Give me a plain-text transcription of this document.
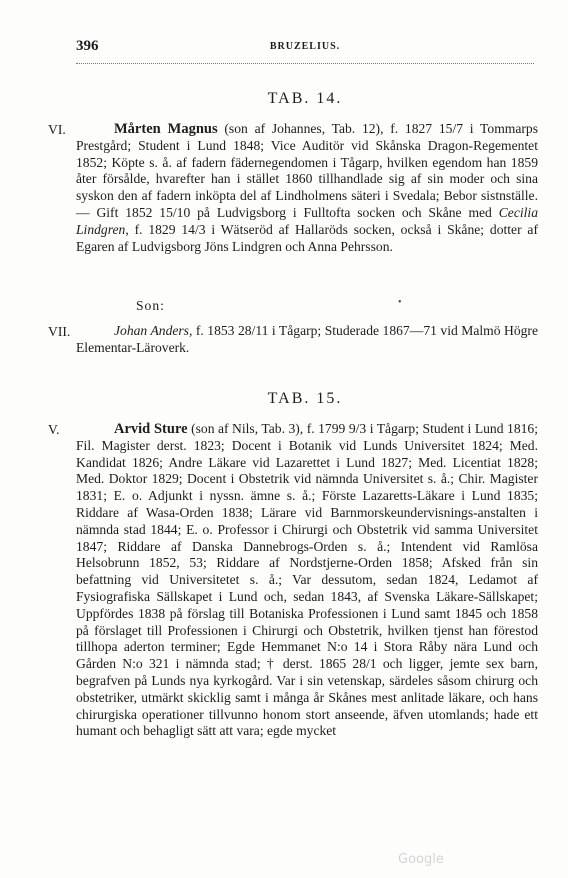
396	BRUZELIUS.
TAB. 14.
VI.	Mårten Magnus (son af Johannes, Tab. 12), f. 1827 15/7 i Tommarps Prestgård; Student i Lund 1848; Vice Auditör vid Skånska Dragon-Regementet 1852; Köpte s. å. af fadern fädernegendomen i Tågarp, hvilken egendom han 1859 åter försålde, hvarefter han i stället 1860 tillhandlade sig af sin moder och sina syskon den af fadern inköpta del af Lindholmens säteri i Svedala; Bebor sistnställe. — Gift 1852 15/10 på Ludvigsborg i Fulltofta socken och Skåne med Cecilia Lindgren, f. 1829 14/3 i Wätseröd af Hallaröds socken, också i Skåne; dotter af Egaren af Ludvigsborg Jöns Lindgren och Anna Pehrsson.
Son:	•
VII.	Johan Anders, f. 1853 28/11 i Tågarp; Studerade 1867—71 vid Malmö Högre Elementar-Läroverk.
TAB. 15.
V.	Arvid Sture (son af Nils, Tab. 3), f. 1799 9/3 i Tågarp; Student i Lund 1816; Fil. Magister derst. 1823; Docent i Botanik vid Lunds Universitet 1824; Med. Kandidat 1826; Andre Läkare vid Lazarettet i Lund 1827; Med. Licentiat 1828; Med. Doktor 1829; Docent i Obstetrik vid nämnda Universitet s. å.; Chir. Magister 1831; E. o. Adjunkt i nyssn. ämne s. å.; Förste Lazaretts-Läkare i Lund 1835; Riddare af Wasa-Orden 1838; Lärare vid Barnmorskeundervisnings-anstalten i nämnda stad 1844; E. o. Professor i Chirurgi och Obstetrik vid samma Universitet 1847; Riddare af Danska Dannebrogs-Orden s. å.; Intendent vid Ramlösa Helsobrunn 1852, 53; Riddare af Nordstjerne-Orden 1858; Afsked från sin befattning vid Universitetet s. å.; Var dessutom, sedan 1824, Ledamot af Fysiografiska Sällskapet i Lund och, sedan 1843, af Svenska Läkare-Sällskapet; Uppfördes 1838 på förslag till Botaniska Professionen i Lund samt 1845 och 1858 på förslaget till Professionen i Chirurgi och Obstetrik, hvilken tjenst han förestod tillhopa aderton terminer; Egde Hemmanet N:o 14 i Stora Råby nära Lund och Gården N:o 321 i nämnda stad; † derst. 1865 28/1 och ligger, jemte sex barn, begrafven på Lunds nya kyrkogård. Var i sin vetenskap, särdeles såsom chirurg och obstetriker, utmärkt skicklig samt i många år Skånes mest anlitade läkare, och hans chirurgiska operationer tillvunno honom stort anseende, äfven utomlands; hade ett humant och behagligt sätt att vara; egde mycket
Google
